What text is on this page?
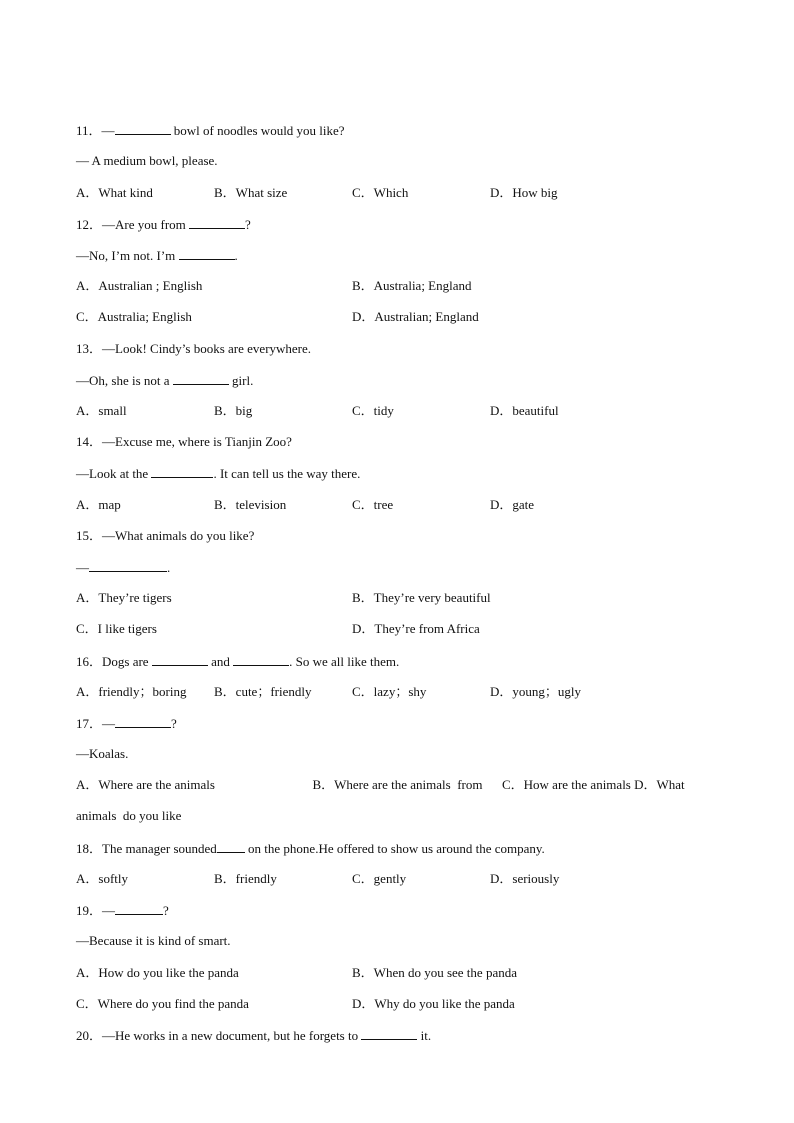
11．—	bowl of noodles would you like?
— A medium bowl, please.
A．What kind	B．What size	C．Which	D．How big
12．—Are you from	?
—No, I’m not. I’m	.
A．Australian ; English	B．Australia; England
C．Australia; English	D．Australian; England
13．—Look! Cindy’s books are everywhere.
—Oh, she is not a	girl.
A．small	B．big	C．tidy	D．beautiful
14．—Excuse me, where is Tianjin Zoo?
—Look at the	. It can tell us the way there.
A．map	B．television	C．tree	D．gate
15．—What animals do you like?
—	.
A．They’re tigers	B．They’re very beautiful
C．I like tigers	D．They’re from Africa
16．Dogs are	and	. So we all like them.
A．friendly；boring B．cute；friendly	C．lazy；shy	D．young；ugly
17．—	?
—Koalas.
A．Where are the animals                              B．Where are the animals  from      C．How are the animals D．What
animals  do you like
18．The manager sounded on the phone.He offered to show us around the company.
A．softly	B．friendly	C．gently	D．seriously
19．—	?
—Because it is kind of smart.
A．How do you like the panda	B．When do you see the panda
C．Where do you find the panda	D．Why do you like the panda
20．—He works in a new document, but he forgets to	it.
